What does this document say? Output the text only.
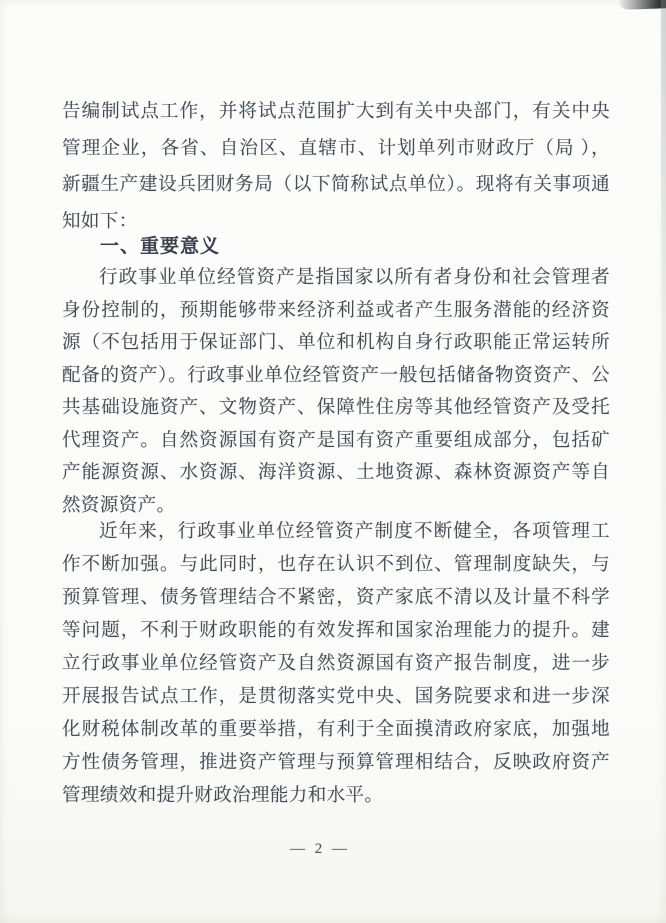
告编制试点工作，并将试点范围扩大到有关中央部门，有关中央
管理企业，各省、自治区、直辖市、计划单列市财政厅（局 ），
新疆生产建设兵团财务局（以下简称试点单位）。现将有关事项通
知如下：
一、重要意义
行政事业单位经管资产是指国家以所有者身份和社会管理者
身份控制的，预期能够带来经济利益或者产生服务潜能的经济资
源（不包括用于保证部门、单位和机构自身行政职能正常运转所
配备的资产）。行政事业单位经管资产一般包括储备物资资产、公
共基础设施资产、文物资产、保障性住房等其他经管资产及受托
代理资产。自然资源国有资产是国有资产重要组成部分，包括矿
产能源资源、水资源、海洋资源、土地资源、森林资源资产等自
然资源资产。
近年来，行政事业单位经管资产制度不断健全，各项管理工
作不断加强。与此同时，也存在认识不到位、管理制度缺失，与
预算管理、债务管理结合不紧密，资产家底不清以及计量不科学
等问题，不利于财政职能的有效发挥和国家治理能力的提升。建
立行政事业单位经管资产及自然资源国有资产报告制度，进一步
开展报告试点工作，是贯彻落实党中央、国务院要求和进一步深
化财税体制改革的重要举措，有利于全面摸清政府家底，加强地
方性债务管理，推进资产管理与预算管理相结合，反映政府资产
管理绩效和提升财政治理能力和水平。
— 2 —
